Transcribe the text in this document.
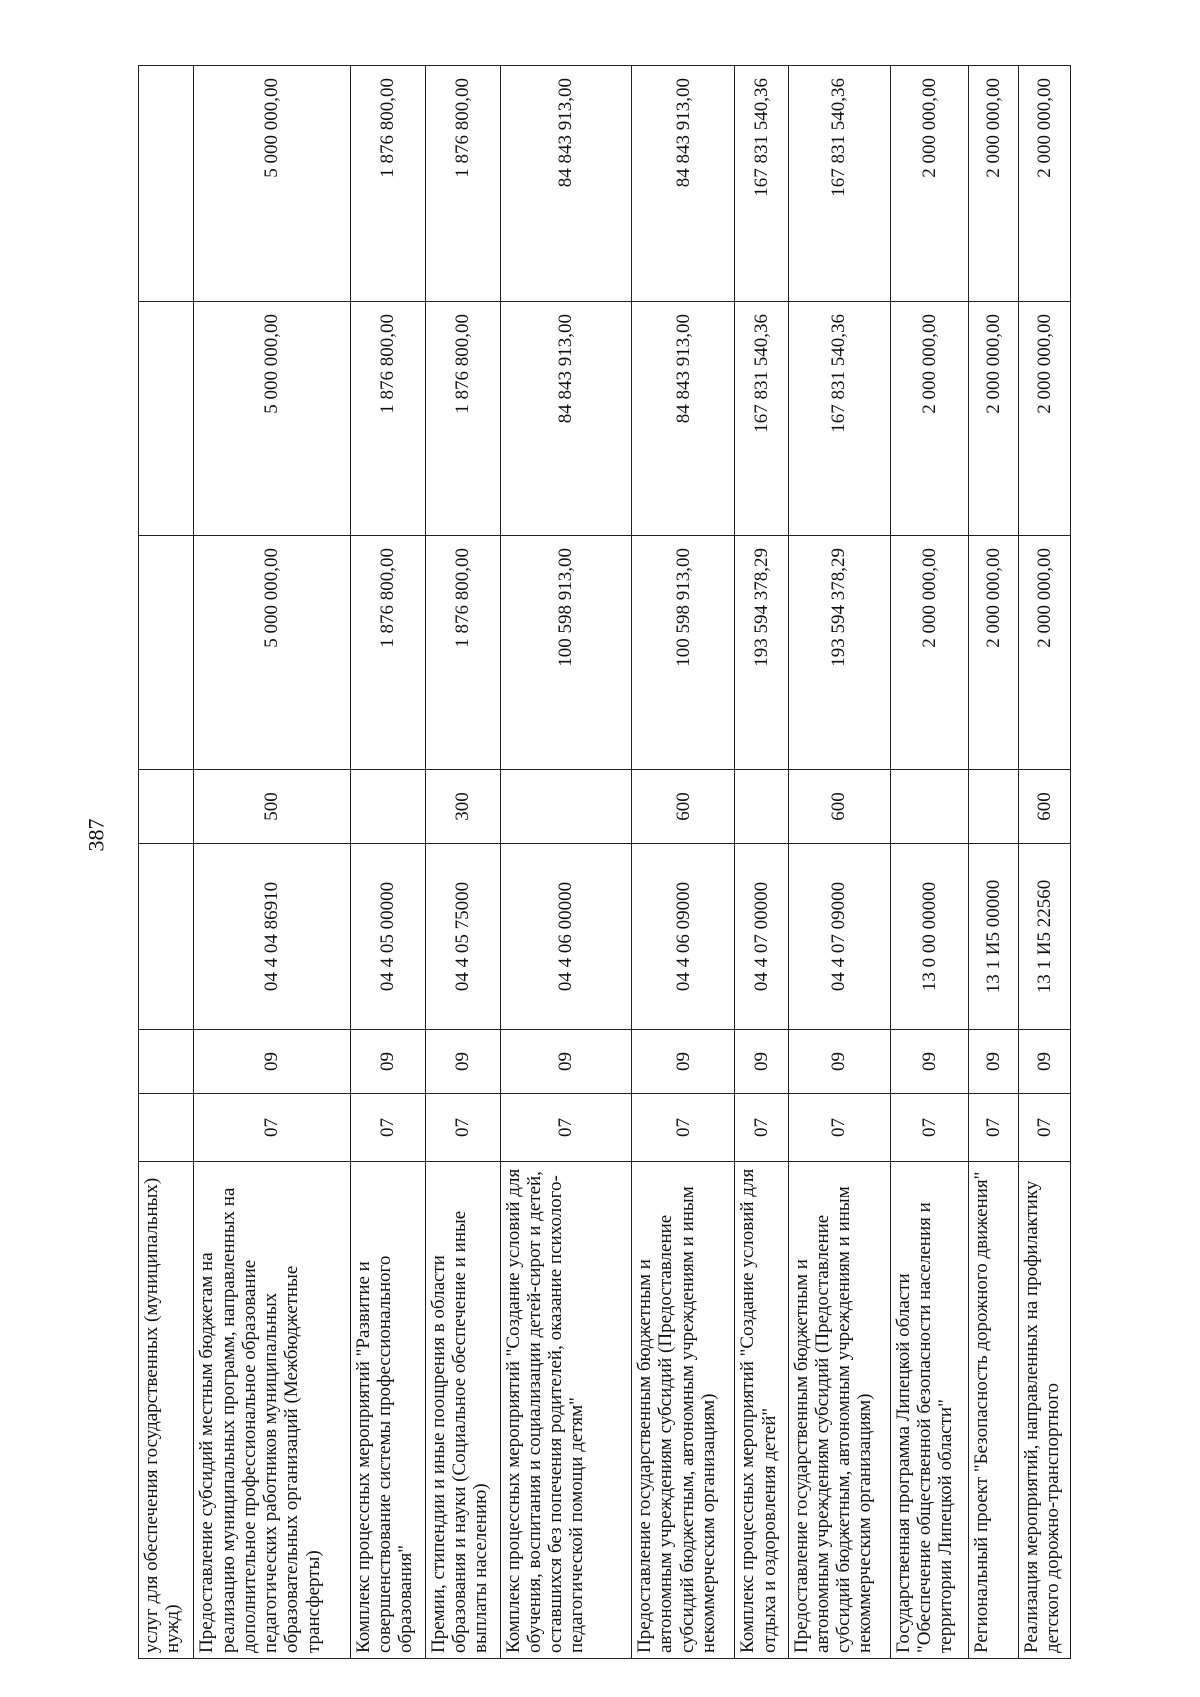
387
услуг для обеспечения государственных (муниципальных) нужд)							
Предоставление субсидий местным бюджетам на реализацию муниципальных программ, направленных на дополнительное профессиональное образование педагогических работников муниципальных образовательных организаций (Межбюджетные трансферты)	07	09	04 4 04 86910	500	5 000 000,00	5 000 000,00	5 000 000,00
Комплекс процессных мероприятий "Развитие и совершенствование системы профессионального образования"	07	09	04 4 05 00000		1 876 800,00	1 876 800,00	1 876 800,00
Премии, стипендии и иные поощрения в области образования и науки (Социальное обеспечение и иные выплаты населению)	07	09	04 4 05 75000	300	1 876 800,00	1 876 800,00	1 876 800,00
Комплекс процессных мероприятий "Создание условий для обучения, воспитания и социализации детей-сирот и детей, оставшихся без попечения родителей, оказание психолого-педагогической помощи детям"	07	09	04 4 06 00000		100 598 913,00	84 843 913,00	84 843 913,00
Предоставление государственным бюджетным и автономным учреждениям субсидий (Предоставление субсидий бюджетным, автономным учреждениям и иным некоммерческим организациям)	07	09	04 4 06 09000	600	100 598 913,00	84 843 913,00	84 843 913,00
Комплекс процессных мероприятий "Создание условий для отдыха и оздоровления детей"	07	09	04 4 07 00000		193 594 378,29	167 831 540,36	167 831 540,36
Предоставление государственным бюджетным и автономным учреждениям субсидий (Предоставление субсидий бюджетным, автономным учреждениям и иным некоммерческим организациям)	07	09	04 4 07 09000	600	193 594 378,29	167 831 540,36	167 831 540,36
Государственная программа Липецкой области "Обеспечение общественной безопасности населения и территории Липецкой области"	07	09	13 0 00 00000		2 000 000,00	2 000 000,00	2 000 000,00
Региональный проект "Безопасность дорожного движения"	07	09	13 1 И5 00000		2 000 000,00	2 000 000,00	2 000 000,00
Реализация мероприятий, направленных на профилактику детского дорожно-транспортного	07	09	13 1 И5 22560	600	2 000 000,00	2 000 000,00	2 000 000,00
